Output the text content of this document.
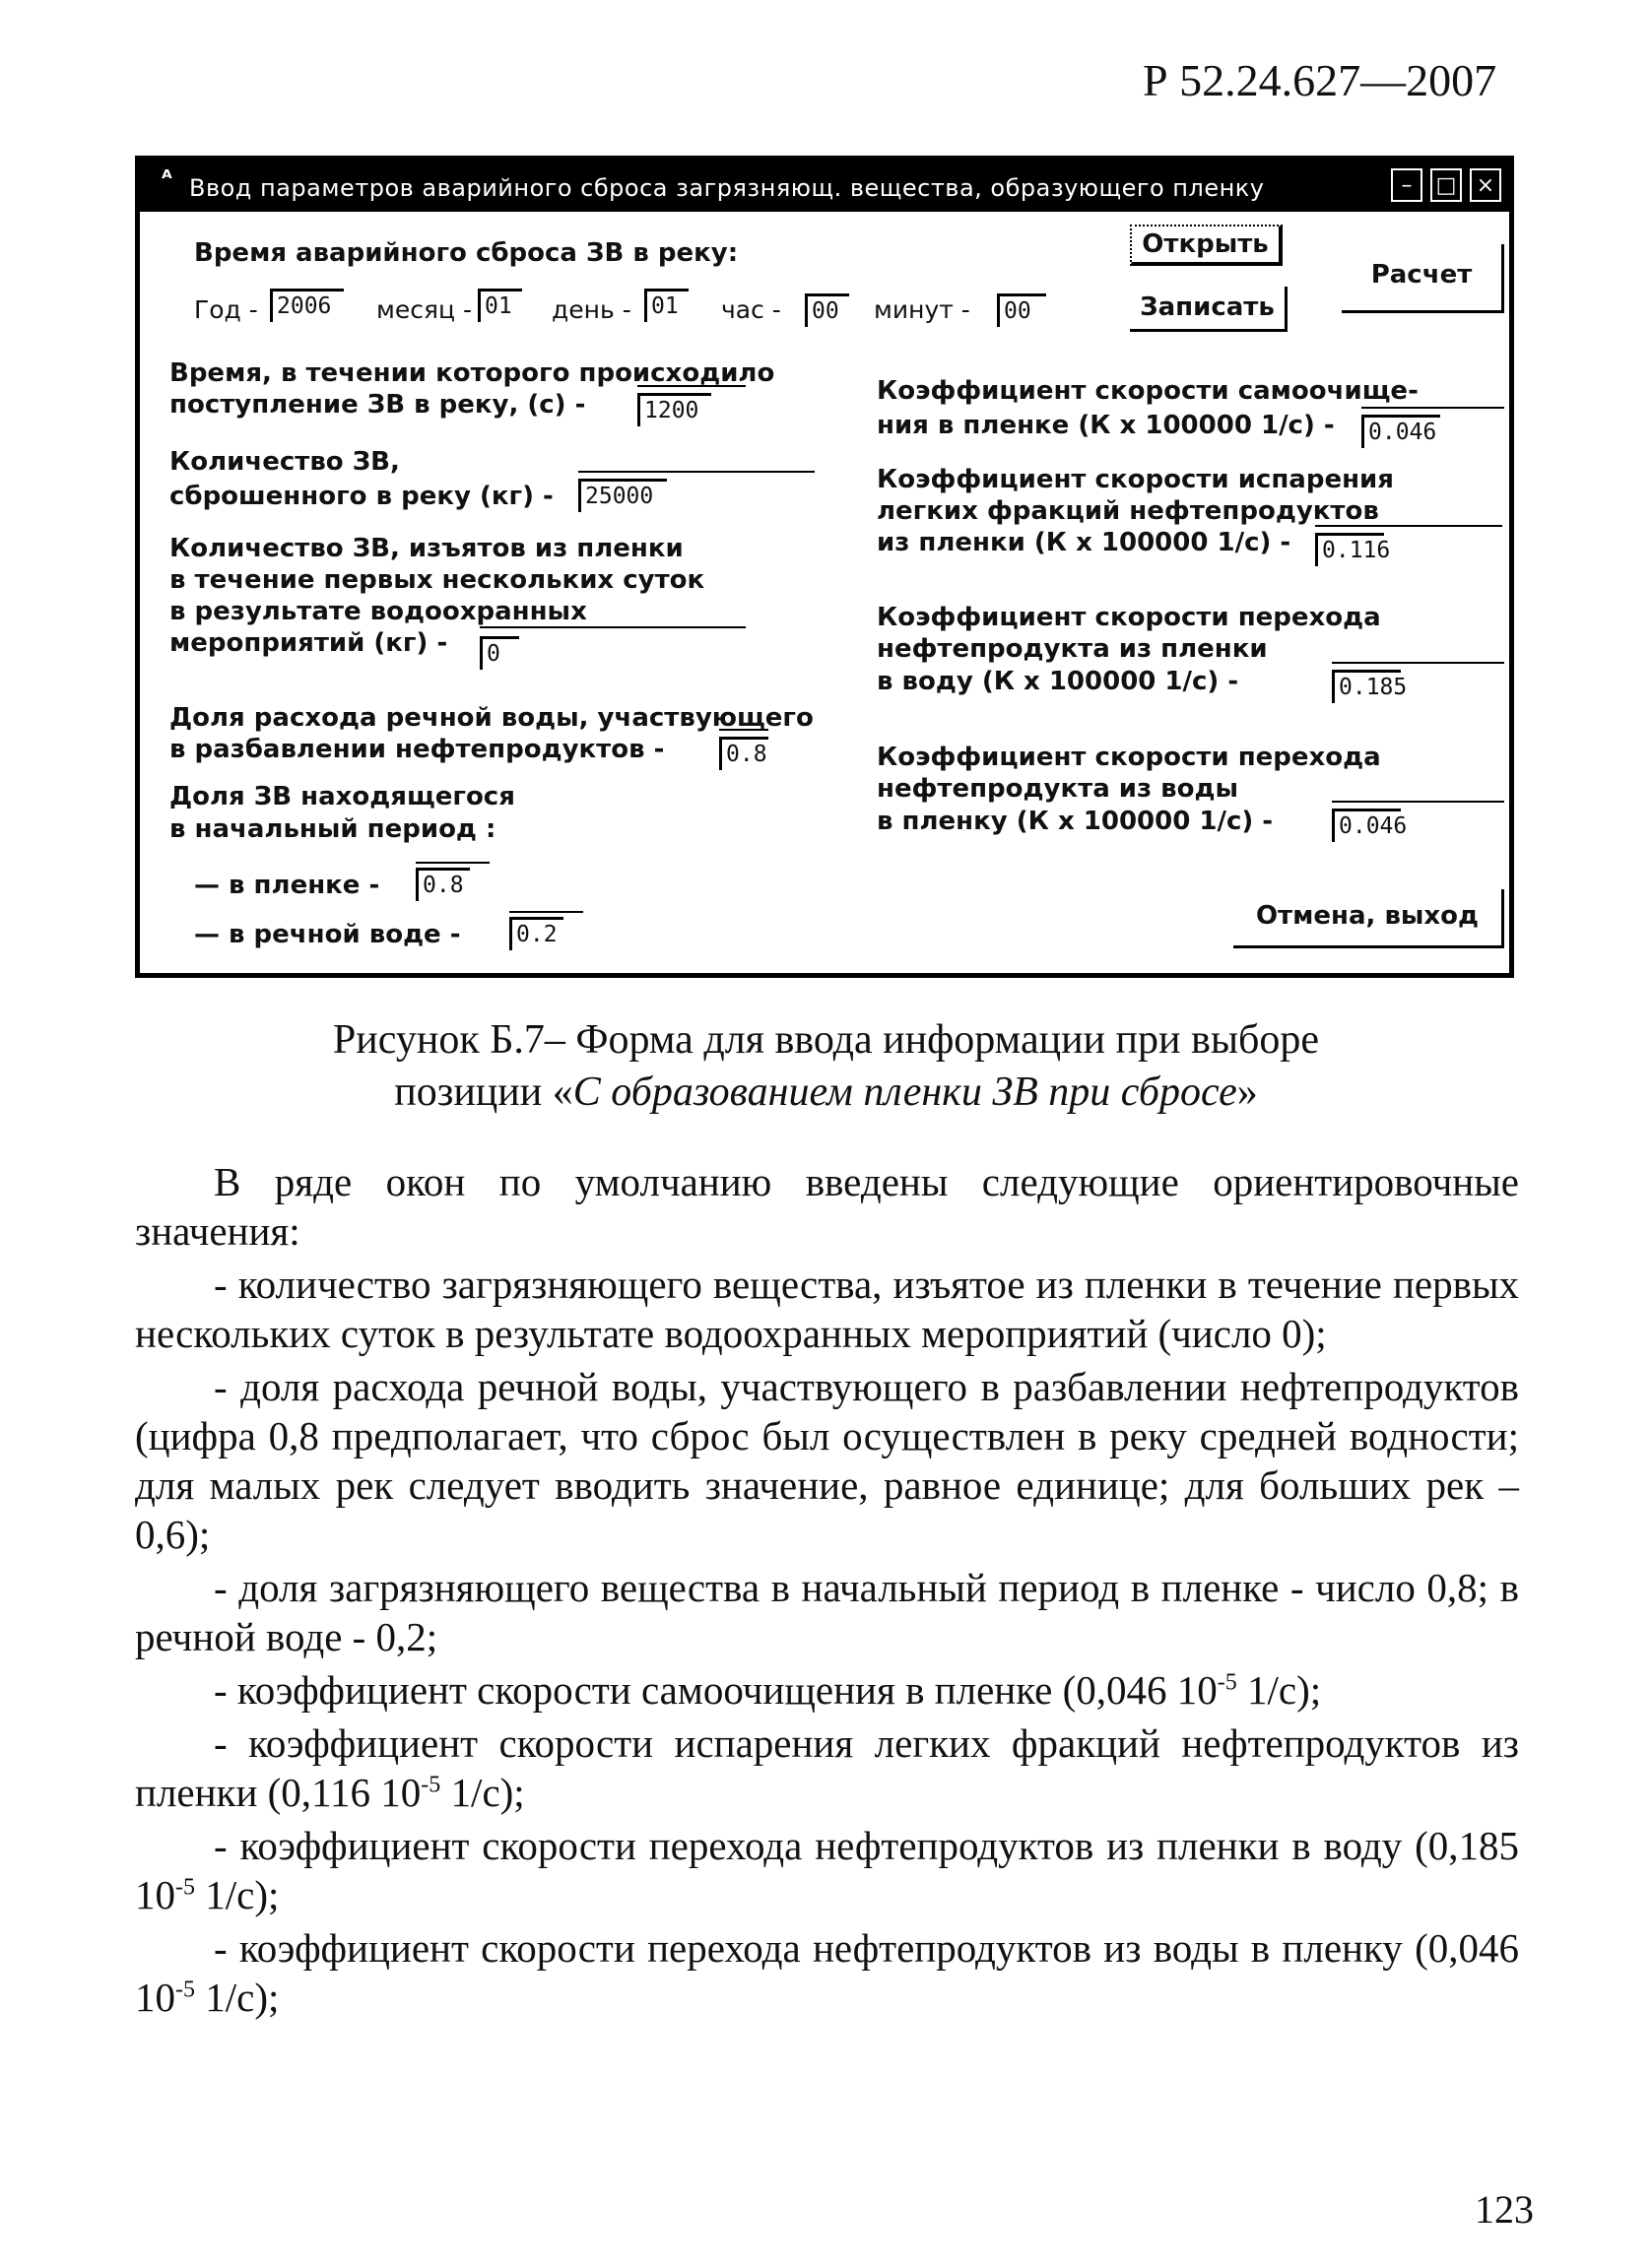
Р 52.24.627—2007
ᴬ Ввод параметров аварийного сброса загрязняющ. вещества, образующего пленку	–	□ ×
Время аварийного сброса ЗВ в реку:
Год - 2006	месяц - 01	день - 01	час -	00	минут -	00
Открыть
Записать
Расчет
Отмена, выход
Время, в течении которого происходило
поступление ЗВ в реку, (с) -	1200
Количество ЗВ,
сброшенного в реку (кг) -	25000
Количество ЗВ, изъятов из пленки
в течение первых нескольких суток
в результате водоохранных
мероприятий (кг) -	0
Доля расхода речной воды, участвующего
в разбавлении нефтепродуктов -	0.8
Доля ЗВ находящегося
в начальный период :
— в пленке -	0.8
— в речной воде -	0.2
Коэффициент скорости самоочище-
ния в пленке (К х 100000 1/с) -	0.046
Коэффициент скорости испарения
легких фракций нефтепродуктов
из пленки (К х 100000 1/с) -	0.116
Коэффициент скорости перехода
нефтепродукта из пленки
в воду (К х 100000 1/с) -	0.185
Коэффициент скорости перехода
нефтепродукта из воды
в пленку (К х 100000 1/с) -	0.046
Рисунок Б.7– Форма для ввода информации при выборе
позиции «С образованием пленки ЗВ при сбросе»

В ряде окон по умолчанию введены следующие ориентировочные значения:

- количество загрязняющего вещества, изъятое из пленки в течение первых нескольких суток в результате водоохранных мероприятий (число 0);

- доля расхода речной воды, участвующего в разбавлении нефтепродуктов (цифра 0,8 предполагает, что сброс был осуществлен в реку средней водности; для малых рек следует вводить значение, равное единице; для больших рек – 0,6);

- доля загрязняющего вещества в начальный период в пленке - число 0,8; в речной воде - 0,2;

- коэффициент скорости самоочищения в пленке (0,046 $10^{-5}$ 1/с);

- коэффициент скорости испарения легких фракций нефтепродуктов из пленки (0,116 $10^{-5}$ 1/с);

- коэффициент скорости перехода нефтепродуктов из пленки в воду (0,185 $10^{-5}$ 1/с);

- коэффициент скорости перехода нефтепродуктов из воды в пленку (0,046 $10^{-5}$ 1/с);

123
